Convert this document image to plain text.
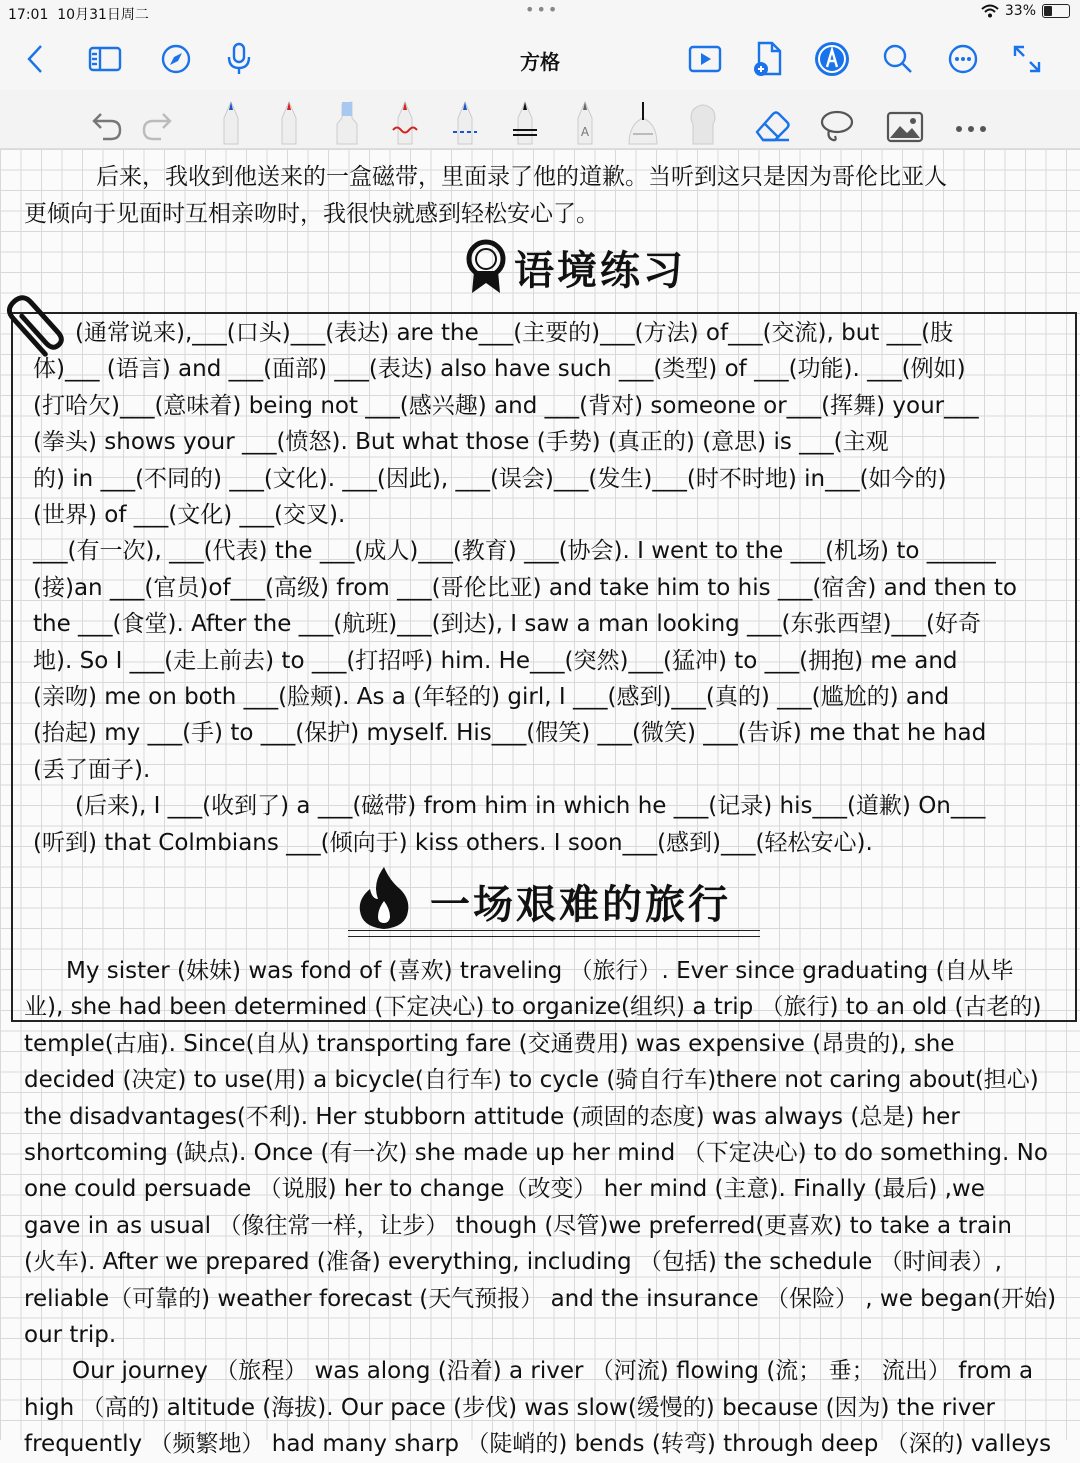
17:01 10月31日周二	•••	33%
方格
A
后来，我收到他送来的一盒磁带，里面录了他的道歉。当听到这只是因为哥伦比亚人
更倾向于见面时互相亲吻时，我很快就感到轻松安心了。
语境练习
(通常说来),___(口头)___(表达) are the___(主要的)___(方法) of___(交流), but ___(肢
体)___ (语言) and ___(面部) ___(表达) also have such ___(类型) of ___(功能). ___(例如)
(打哈欠)___(意味着) being not ___(感兴趣) and ___(背对) someone or___(挥舞) your___
(拳头) shows your ___(愤怒). But what those (手势) (真正的) (意思) is ___(主观
的) in ___(不同的) ___(文化). ___(因此), ___(误会)___(发生)___(时不时地) in___(如今的)
(世界) of ___(文化) ___(交叉).
___(有一次), ___(代表) the ___(成人)___(教育) ___(协会). I went to the ___(机场) to ______
(接)an ___(官员)of___(高级) from ___(哥伦比亚) and take him to his ___(宿舍) and then to
the ___(食堂). After the ___(航班)___(到达), I saw a man looking ___(东张西望)___(好奇
地). So I ___(走上前去) to ___(打招呼) him. He___(突然)___(猛冲) to ___(拥抱) me and
(亲吻) me on both ___(脸颊). As a (年轻的) girl, I ___(感到)___(真的) ___(尴尬的) and
(抬起) my ___(手) to ___(保护) myself. His___(假笑) ___(微笑) ___(告诉) me that he had
(丢了面子).
(后来), I ___(收到了) a ___(磁带) from him in which he ___(记录) his___(道歉) On___
(听到) that Colmbians ___(倾向于) kiss others. I soon___(感到)___(轻松安心).
一场艰难的旅行
My sister (妹妹) was fond of (喜欢) traveling （旅行）. Ever since graduating (自从毕
业), she had been determined (下定决心) to organize(组织) a trip （旅行) to an old (古老的)
temple(古庙). Since(自从) transporting fare (交通费用) was expensive (昂贵的), she
decided (决定) to use(用) a bicycle(自行车) to cycle (骑自行车)there not caring about(担心)
the disadvantages(不利). Her stubborn attitude (顽固的态度) was always (总是) her
shortcoming (缺点). Once (有一次) she made up her mind （下定决心) to do something. No
one could persuade （说服) her to change（改变） her mind (主意). Finally (最后) ,we
gave in as usual （像往常一样，让步） though (尽管)we preferred(更喜欢) to take a train
(火车). After we prepared (准备) everything, including （包括) the schedule （时间表）,
reliable（可靠的) weather forecast (天气预报） and the insurance （保险） , we began(开始)
our trip.
Our journey （旅程） was along (沿着) a river （河流) flowing (流； 垂； 流出） from a
high （高的) altitude (海拔). Our pace (步伐) was slow(缓慢的) because (因为) the river
frequently （频繁地） had many sharp （陡峭的) bends (转弯) through deep （深的) valleys
